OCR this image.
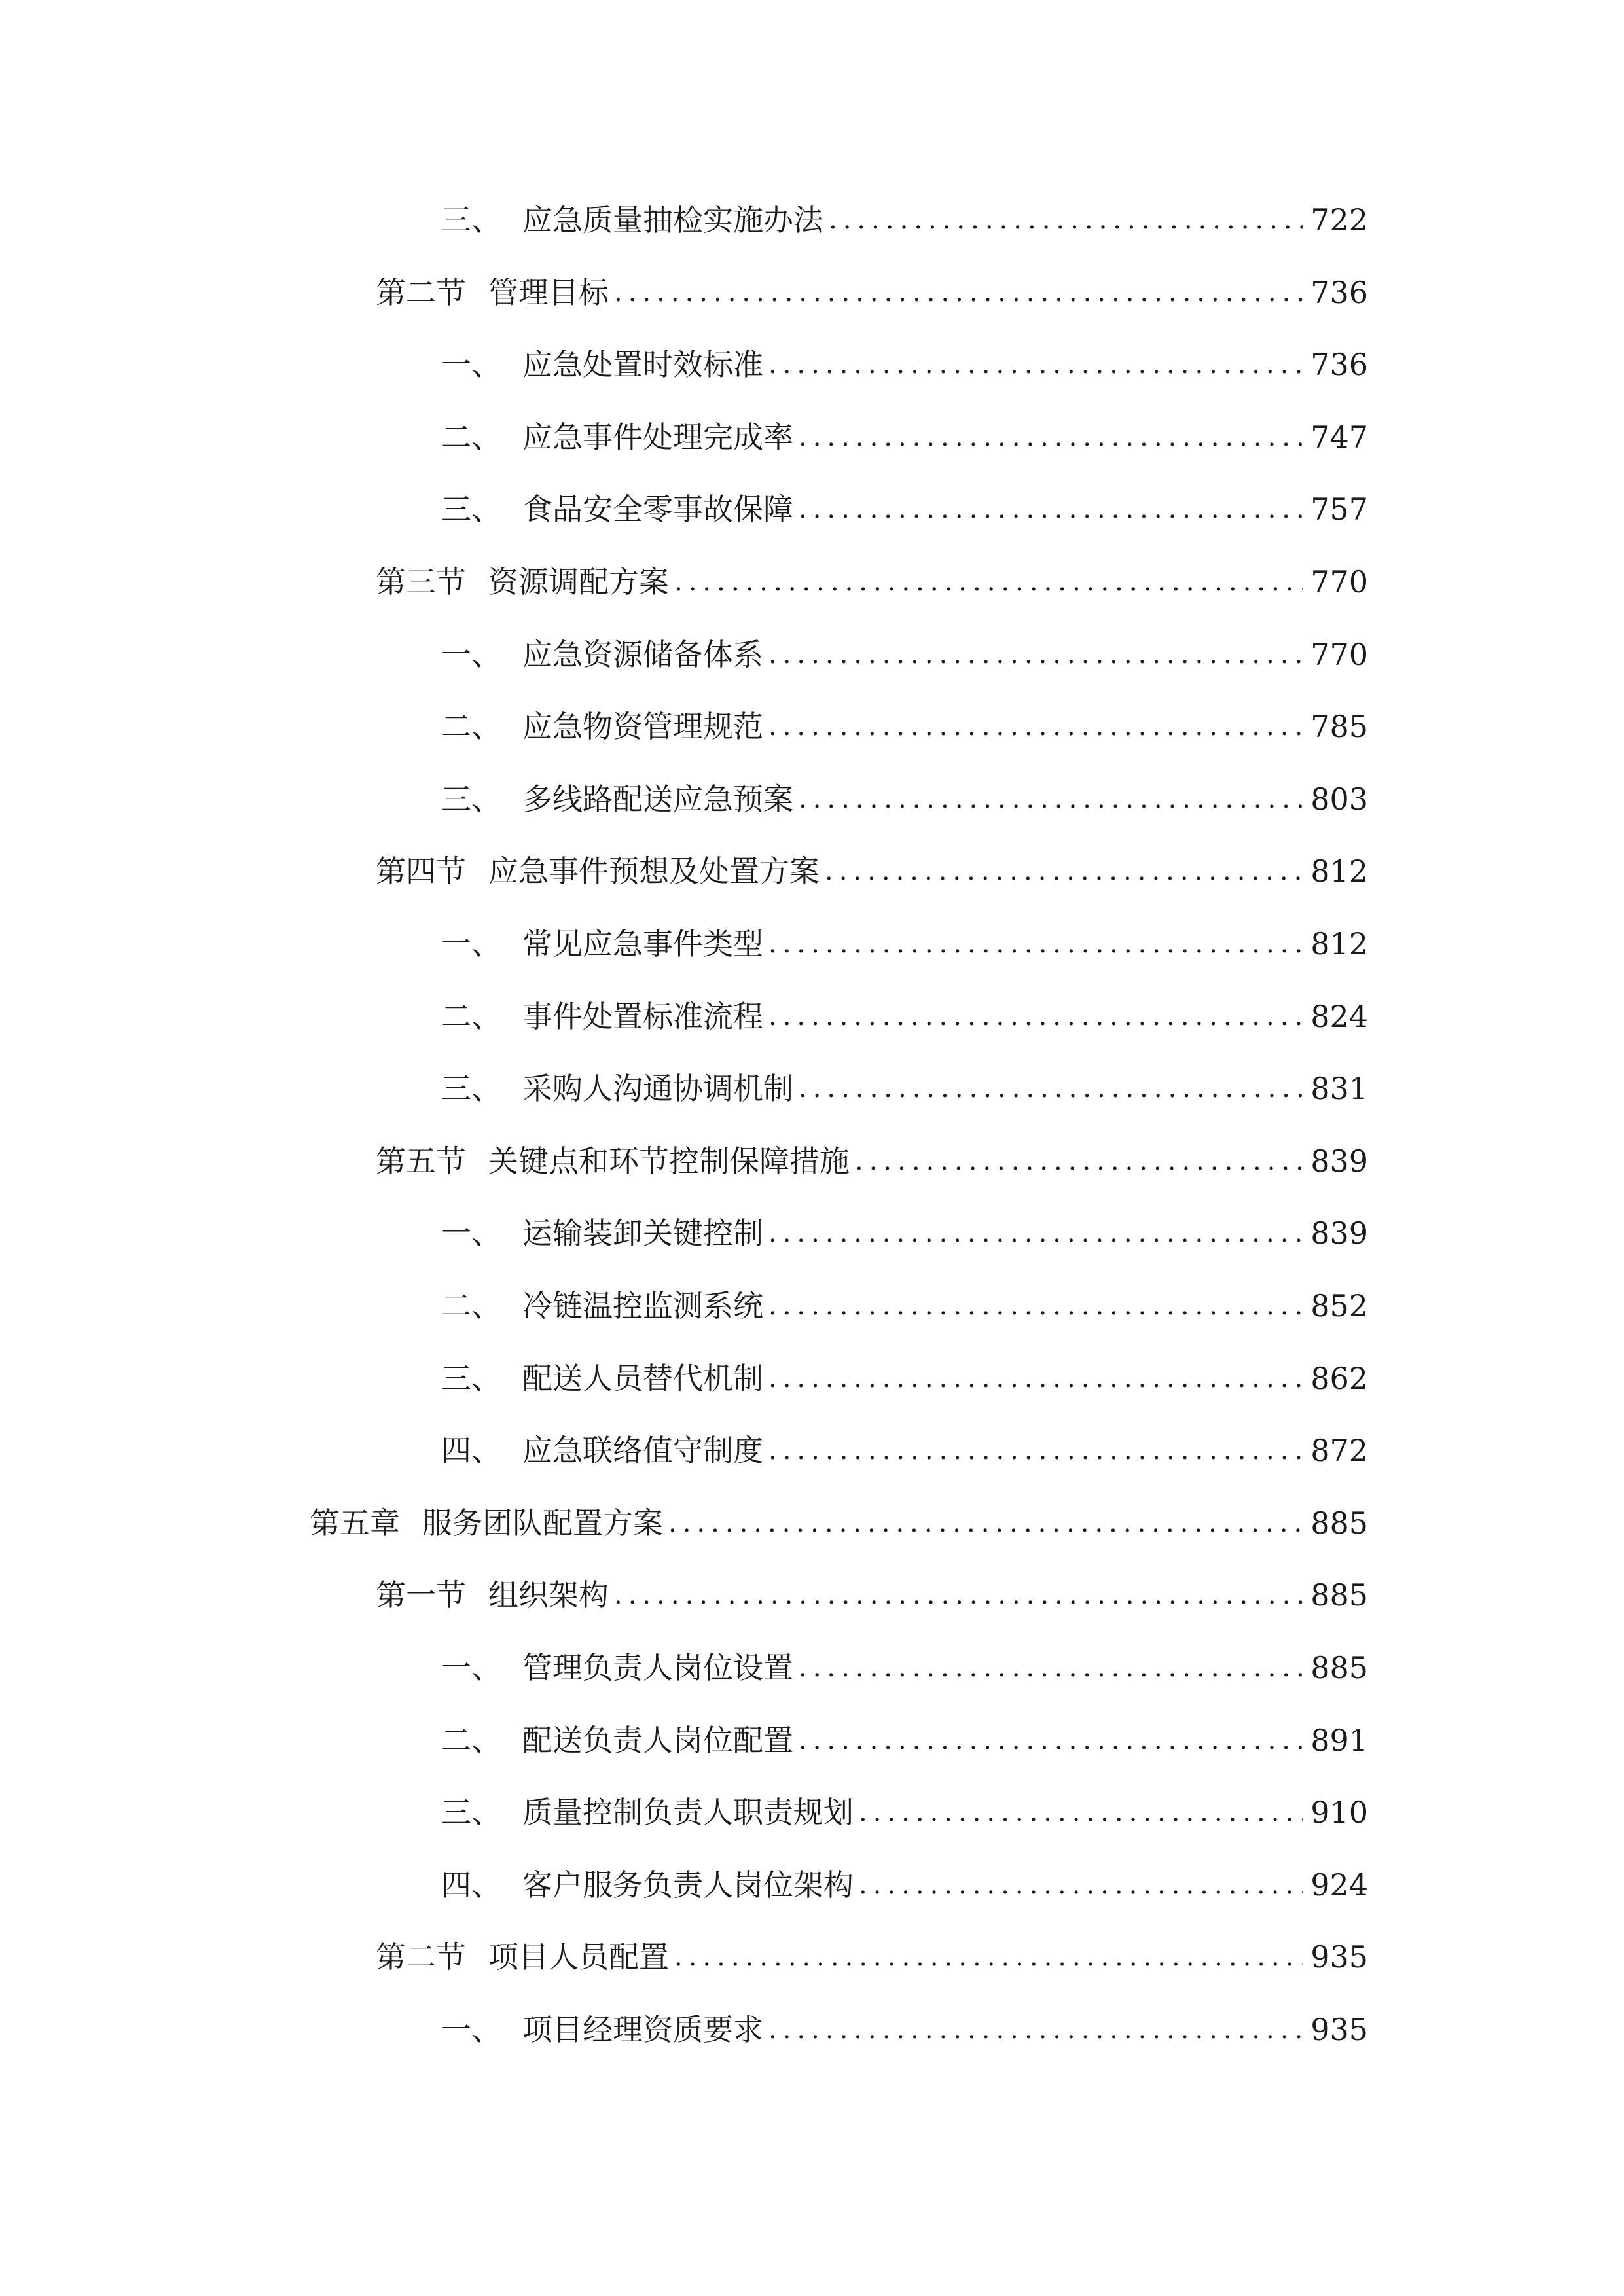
三、 应急质量抽检实施办法 .....	722
第二节 管理目标 .....	736
一、 应急处置时效标准 .....	736
二、 应急事件处理完成率 .....	747
三、 食品安全零事故保障 .....	757
第三节 资源调配方案 .....	770
一、 应急资源储备体系 .....	770
二、 应急物资管理规范 .....	785
三、 多线路配送应急预案 .....	803
第四节 应急事件预想及处置方案 .....	812
一、 常见应急事件类型 .....	812
二、 事件处置标准流程 .....	824
三、 采购人沟通协调机制 .....	831
第五节 关键点和环节控制保障措施 .....	839
一、 运输装卸关键控制 .....	839
二、 冷链温控监测系统 .....	852
三、 配送人员替代机制 .....	862
四、 应急联络值守制度 .....	872
第五章 服务团队配置方案 .....	885
第一节 组织架构 .....	885
一、 管理负责人岗位设置 .....	885
二、 配送负责人岗位配置 .....	891
三、 质量控制负责人职责规划 .....	910
四、 客户服务负责人岗位架构 .....	924
第二节 项目人员配置 .....	935
一、 项目经理资质要求 .....	935
